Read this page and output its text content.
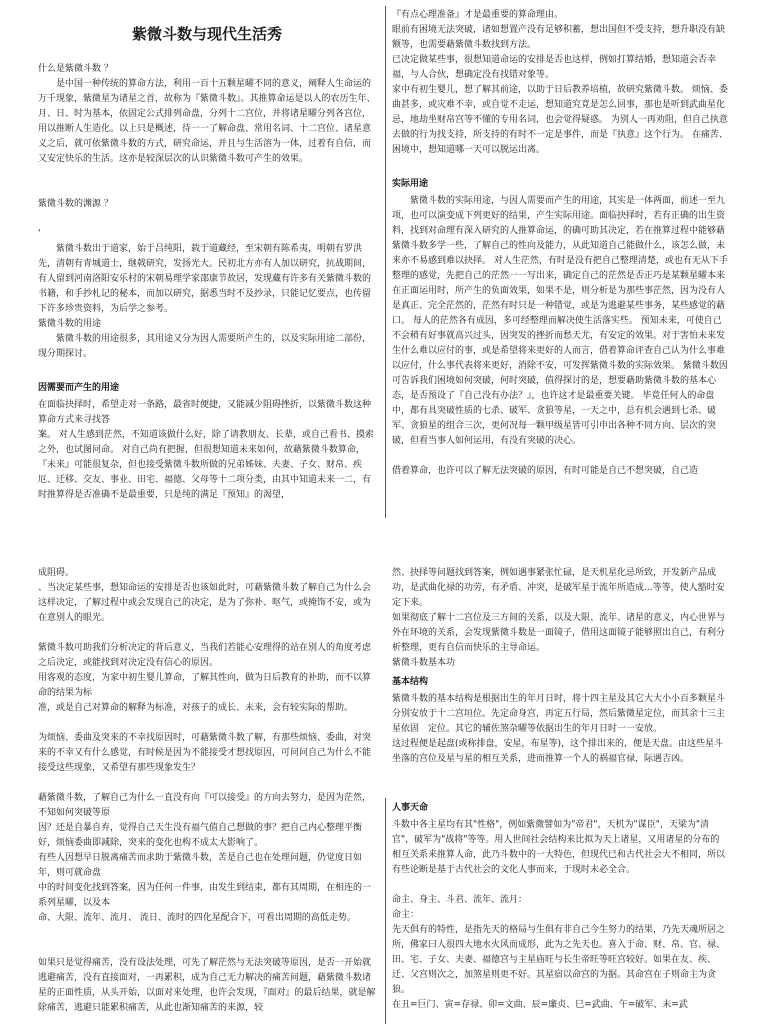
紫微斗数与现代生活秀

什么是紫微斗数 ？

是中国一种传统的算命方法，利用一百十五颗星曜不同的意义，阐释人生命运的万千现象，紫微星为诸星之首，故称为『紫微斗数』。其推算命运是以人的农历生年、月、日、时为基本，依固定公式排列命盘，分列十二宫位，并将诸星曜分列各宫位，用以推断人生造化。以上只是概述，待一一了解命盘、常用名词、十二宫位、诸星意义之后，就可依紫微斗数的方式，研究命运，并且与生活溶为一体，过着有自信，而又安定快乐的生活。这亦是较深层次的认识紫微斗数可产生的效果。

紫微斗数的渊源 ？

'

紫微斗数出于道家，始于吕纯阳，载于道藏经，至宋朝有陈希夷，明朝有罗洪先，清朝有青城道士，继戟研究，发扬光大。民初北方亦有人加以研究，抗战期间，有人留到河南洛阳安乐村的宋朝易理学家邵康节故居，发现藏有许多有关紫微斗数的书籍，和手抄札记的秘本，而加以研究，据悉当时不及抄录，只能记忆要点，也传留下许多珍贵资料，为后学之参考。

紫微斗数的用途

紫微斗数的用途很多，其用途又分为因人需要所产生的，以及实际用途二部份，现分期探讨。

因需要而产生的用途

在面临抉择时，希望走对一条路，最省时便捷，又能减少阻碍挫折，以紫微斗数这种算命方式来寻找答

案。 对人生感到茫然，不知道该做什么好，除了请教朋友、长辈，或自己看书、摸索之外，也试图问命。 对自己尚有把握，但很想知道未来如何，故藉紫微斗数算命，『未来』可能很复杂，但也接受紫微斗数所做的兄弟姊妹、夫妻、子女、财帛、疾厄、迁移、交友、事业、田宅、福德、父母等十二项分类，由其中知道未来一二，有时推算得是否准确不是最重要，只是纯的满足『预知』的渴望，

『有点心理准备』才是最重要的算命理由。

眼前有困境无法突破，诸如想置产没有足够积蓄，想出国但不受支持，想升职没有缺额等，也需要藉紫微斗数找到方法。

已决定做某些事，很想知道命运的安排是否也这样，例如打算结婚，想知道会否幸福，与人合伙，想确定没有找错对象等。

家中有初生婴儿，想了解其前途，以助于日后教养培植，故研究紫微斗数。 烦恼、委曲甚多，或灾难不幸，或自觉不走运，想知道究竟是怎么回事，那也是听到武曲星化忌，地劫坐财帛宫等不懂的专用名词，也会觉得疑惑。 为别人一再劝阻，但自己执意去做的行为找支持，所支持的有时不一定是事件，而是『执意』这个行为。 在痛苦、困境中，想知道哪一天可以脱运出离。

实际用途

紫微斗数的实际用途，与因人需要而产生的用途，其实是一体两面，前述一至九项，也可以演变成下列更好的结果，产生实际用途。面临抉择时，若有正确的出生资料，找到对命理有深入研究的人推算命运，的确可助其决定，若在推算过程中能够藉紫微斗数多学一些，了解自己的性向及能力，从此知道自己能做什么，该怎么做，未来亦不易感到难以抉择。 对人生茫然，有时是没有把自己整理清楚，或也有无从下手整理的感觉，先把自己的茫然一一写出来，确定自己的茫然是否正巧是某颗星曜本来在正面运用时，所产生的负面效果，如果不是，则分析是为那些事茫然，因为没有人是真正、完全茫然的，茫然有时只是一种错觉，或是为逃避某些事务，某些感觉的藉口。 每人的茫然各有成因，多可经整理而解决使生活落实些。 预知未来，可使自己不会稍有好事就高兴过头，因突发的挫折而愁天尤，有安定的效果。对于害怕未来发生什么难以应付的事，或是希望将来更好的人而言，借着算命评查自己认为什么事难以应付，什么事代表将来更好，消除不安，可发挥紫微斗数的实际效果。 紫微斗数因可告诉我们困境如何突破，何时突破，值得探讨的是，想要藉助紫微斗数的基本心态，是否预设了『自己没有办法？』，也许这才是最重要关键。 毕竟任何人的命盘中，都有具突破性质的七杀、破军、贪狼等星，一天之中，总有机会遇到七杀、破军、贪狼星的组合三次，更何况每一颗甲级星皆可引申出各种不同方向、层次的突破，但看当事人如何运用，有没有突破的决心。

借着算命，也许可以了解无法突破的原因，有时可能是自己不想突破，自己造

成阻碍。

、当决定某些事，想知命运的安排是否也该如此时，可藉紫微斗数了解自己为什么会这样决定，了解过程中或会发现自己的决定，是为了弥补、呕气，或掩饰不安，或为在意别人的眼光。

紫微斗数可助我们分析决定的背后意义，当我们若能心安理得的站在别人的角度考虑之后决定，或能找到对决定没有信心的原因。

用客观的态度，为家中初生婴儿算命，了解其性向，做为日后教育的补助，而不以算命的结果为标

准，或是自己对算命的解释为标准，对孩子的成长、未来，会有较实际的帮助。

为烦恼、委曲及突来的不幸找原因时，可藉紫微斗数了解，有那些烦恼、委曲，对突来的不幸又有什么感觉，有时候是因为不能接受才想找原因，可问问自己为什么不能接受这些现象，又希望有那些现象发生？

藉紫微斗数，了解自己为什么一直没有向『可以接受』的方向去努力，是因为茫然，不知如何突破等原

因？还是自暴自弃，觉得自己天生没有福气值自己想做的事？把自己内心整理平衡好，烦恼委曲即减除，突来的变化也构不成太大影响了。

有些人因想早日脱离痛苦而求助于紫微斗数，苦是自己也在处理问题，仍觉度日如年，则可就命盘

中的时间变化找到答案，因为任何一件事，由发生到结束，都有其周期，在相连的一系列星曜，以及本

命、大限、流年、流月、 流日、流时的四化星配合下，可看出周期的高低走势。

如果只是觉得痛苦，没有设法处理，可先了解茫然与无法突破等原因，是否一开始就逃避痛苦，没有直接面对，一再累积，成为自己无力解决的痛苦问题，藉紫微斗数诸星的正面性质，从头开始，以面对来处理，也许会发现，『面对』的最后结果，就是解除痛苦，逃避只能累积痛苦，从此也渐知痛苦的来源，较

然、抉择等问题找到答案，例如遇事紧张忙碌，是天机星化忌所致，开发新产品成功，是武曲化禄的功劳，有矛盾、冲突，是破军星于流年所造成...等等，使人豁时安定下来。

如果彻底了解十二宫位及三方间的关系，以及大限、流年、诸星的意义，内心世界与外在环境的关系，会发现紫微斗数是一面镜子，借用这面镜子能够照出自己，有利分析整理，更有自信而快乐的主导命运。

紫微斗数基本功

基本结构

紫微斗数的基本结构是根据出生的年月日时，将十四主星及其它大大小小百多颗星斗分别安放于十二宫垣位。先定命身宫，再定五行局，然后紫微星定位，而其余十三主星依固　定位。其它的辅佐煞杂曜等依据出生的年月日时一一安放。

这过程便是起盘(或称排盘，安星，布星等)，这个排出来的，便是天盘。由这些星斗坐落的宫位及星与星的相互关系，进而推算一个人的祸福官禄，际遇吉凶。

人事天命

斗数中各主星均有其"性格"，例如紫微譬如为"帝君"，天机为"谋臣"，天梁为"清官"，破军为"战将"等等。用人世间社会结构来比拟为天上诸星，又用诸星的分布的相互关系来推算人命，此乃斗数中的一大特色，但现代已和古代社会大不相同，所以有些论断是基于古代社会的文化人事而来，于现时未必全合。

命主、身主、斗君、流年、流月：

命主：

先天俱有的特性，是指先天的格局与生俱有非自己今生努力的结果，乃先天魂所居之所，佛家曰人很四大地水火风而成形，此为之先天也。喜入于命、财、帛、官、禄、田、宅、子女、夫妻、福德宫与主星庙旺与长生帝旺等旺宫较好。如果在友、疾、迁、父宫则次之，加煞星则更不好。其星宿以命宫的为据。其命宫在子则命主为贪狼。

在丑=巨门、寅=存禄、卯=文曲、辰=廉贞、巳=武曲、午=破军、未=武
